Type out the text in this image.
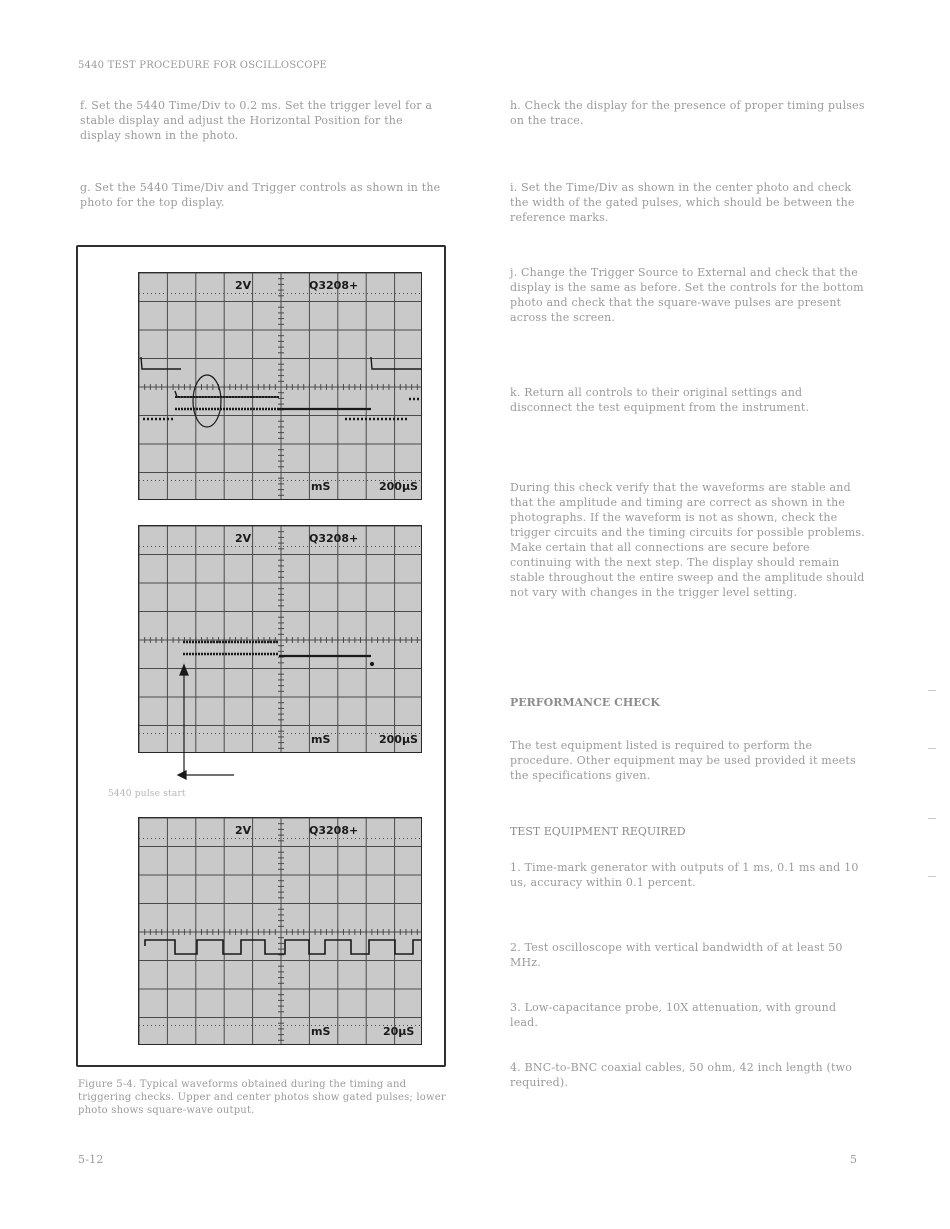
5440 TEST PROCEDURE FOR OSCILLOSCOPE
f. Set the 5440 Time/Div to 0.2 ms. Set the trigger level for a stable display and adjust the Horizontal Position for the display shown in the photo.
g. Set the 5440 Time/Div and Trigger controls as shown in the photo for the top display.
h. Check the display for the presence of proper timing pulses on the trace.
i. Set the Time/Div as shown in the center photo and check the width of the gated pulses, which should be between the reference marks.
j. Change the Trigger Source to External and check that the display is the same as before. Set the controls for the bottom photo and check that the square-wave pulses are present across the screen.
k. Return all controls to their original settings and disconnect the test equipment from the instrument.
During this check verify that the waveforms are stable and that the amplitude and timing are correct as shown in the photographs. If the waveform is not as shown, check the trigger circuits and the timing circuits for possible problems. Make certain that all connections are secure before continuing with the next step. The display should remain stable throughout the entire sweep and the amplitude should not vary with changes in the trigger level setting.
PERFORMANCE CHECK
The test equipment listed is required to perform the procedure. Other equipment may be used provided it meets the specifications given.
TEST EQUIPMENT REQUIRED
1. Time-mark generator with outputs of 1 ms, 0.1 ms and 10 us, accuracy within 0.1 percent.
2. Test oscilloscope with vertical bandwidth of at least 50 MHz.
3. Low-capacitance probe, 10X attenuation, with ground lead.
4. BNC-to-BNC coaxial cables, 50 ohm, 42 inch length (two required).
2V	Q3208+
mS	200µS
2V	Q3208+
mS	200µS
2V	Q3208+
mS	20µS
5440 pulse start
Figure 5-4. Typical waveforms obtained during the timing and triggering checks. Upper and center photos show gated pulses; lower photo shows square-wave output.
5-12	5
